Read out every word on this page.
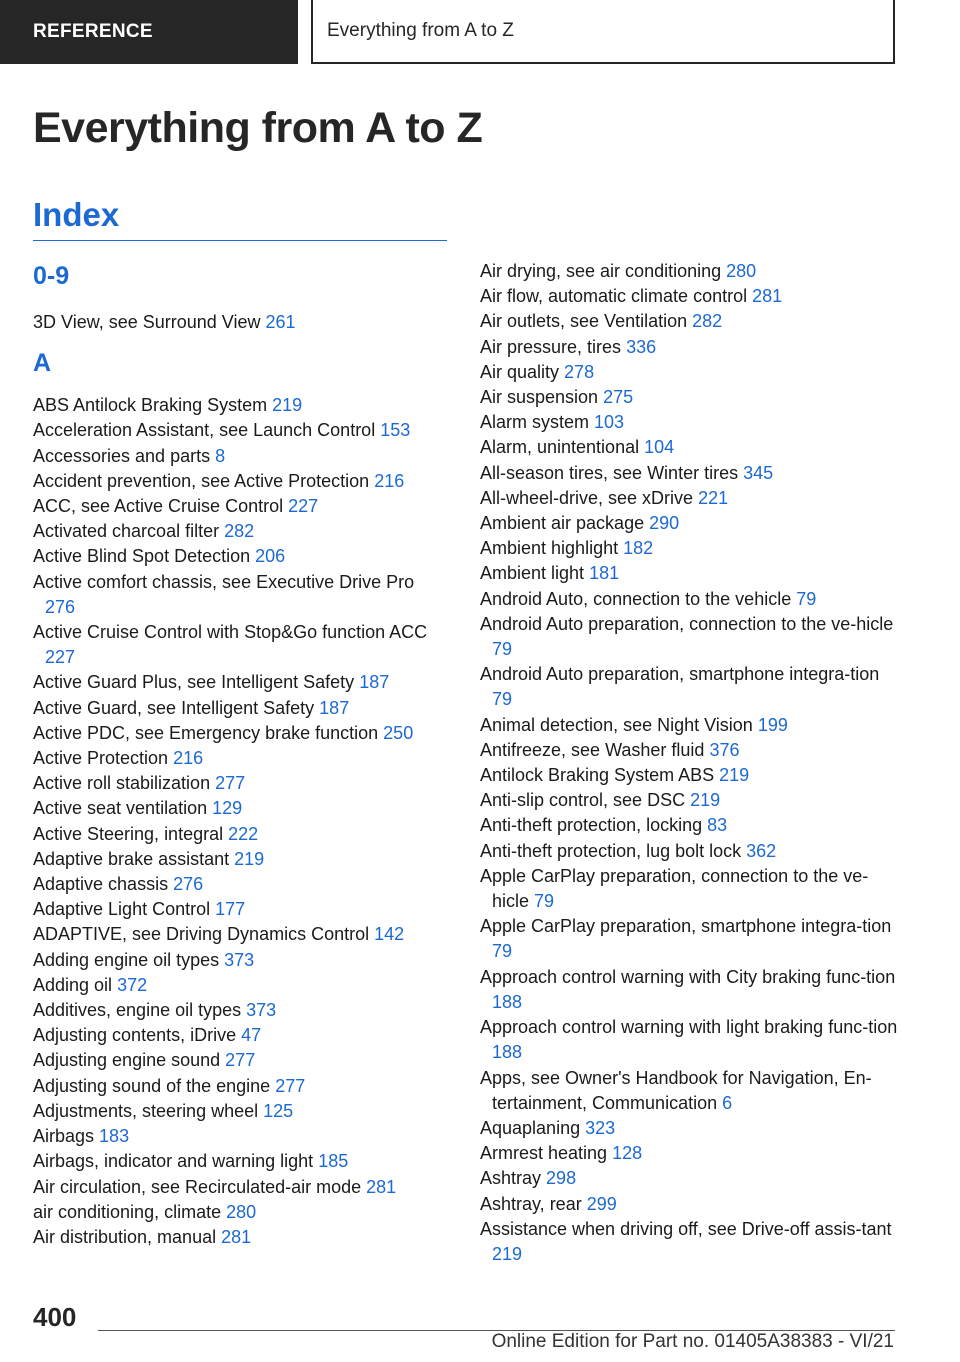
REFERENCE	Everything from A to Z
Everything from A to Z
Index
0-9

3D View, see Surround View 261

A

ABS Antilock Braking System 219

Acceleration Assistant, see Launch Control 153

Accessories and parts 8

Accident prevention, see Active Protection 216

ACC, see Active Cruise Control 227

Activated charcoal filter 282

Active Blind Spot Detection 206

Active comfort chassis, see Executive Drive Pro 276

Active Cruise Control with Stop&Go function ACC 227

Active Guard Plus, see Intelligent Safety 187

Active Guard, see Intelligent Safety 187

Active PDC, see Emergency brake function 250

Active Protection 216

Active roll stabilization 277

Active seat ventilation 129

Active Steering, integral 222

Adaptive brake assistant 219

Adaptive chassis 276

Adaptive Light Control 177

ADAPTIVE, see Driving Dynamics Control 142

Adding engine oil types 373

Adding oil 372

Additives, engine oil types 373

Adjusting contents, iDrive 47

Adjusting engine sound 277

Adjusting sound of the engine 277

Adjustments, steering wheel 125

Airbags 183

Airbags, indicator and warning light 185

Air circulation, see Recirculated-air mode 281

air conditioning, climate 280

Air distribution, manual 281

Air drying, see air conditioning 280

Air flow, automatic climate control 281

Air outlets, see Ventilation 282

Air pressure, tires 336

Air quality 278

Air suspension 275

Alarm system 103

Alarm, unintentional 104

All-season tires, see Winter tires 345

All-wheel-drive, see xDrive 221

Ambient air package 290

Ambient highlight 182

Ambient light 181

Android Auto, connection to the vehicle 79

Android Auto preparation, connection to the ve-hicle 79

Android Auto preparation, smartphone integra-tion 79

Animal detection, see Night Vision 199

Antifreeze, see Washer fluid 376

Antilock Braking System ABS 219

Anti-slip control, see DSC 219

Anti-theft protection, locking 83

Anti-theft protection, lug bolt lock 362

Apple CarPlay preparation, connection to the ve-hicle 79

Apple CarPlay preparation, smartphone integra-tion 79

Approach control warning with City braking func-tion 188

Approach control warning with light braking func-tion 188

Apps, see Owner's Handbook for Navigation, En-tertainment, Communication 6

Aquaplaning 323

Armrest heating 128

Ashtray 298

Ashtray, rear 299

Assistance when driving off, see Drive-off assis-tant 219

400
Online Edition for Part no. 01405A38383 - VI/21
